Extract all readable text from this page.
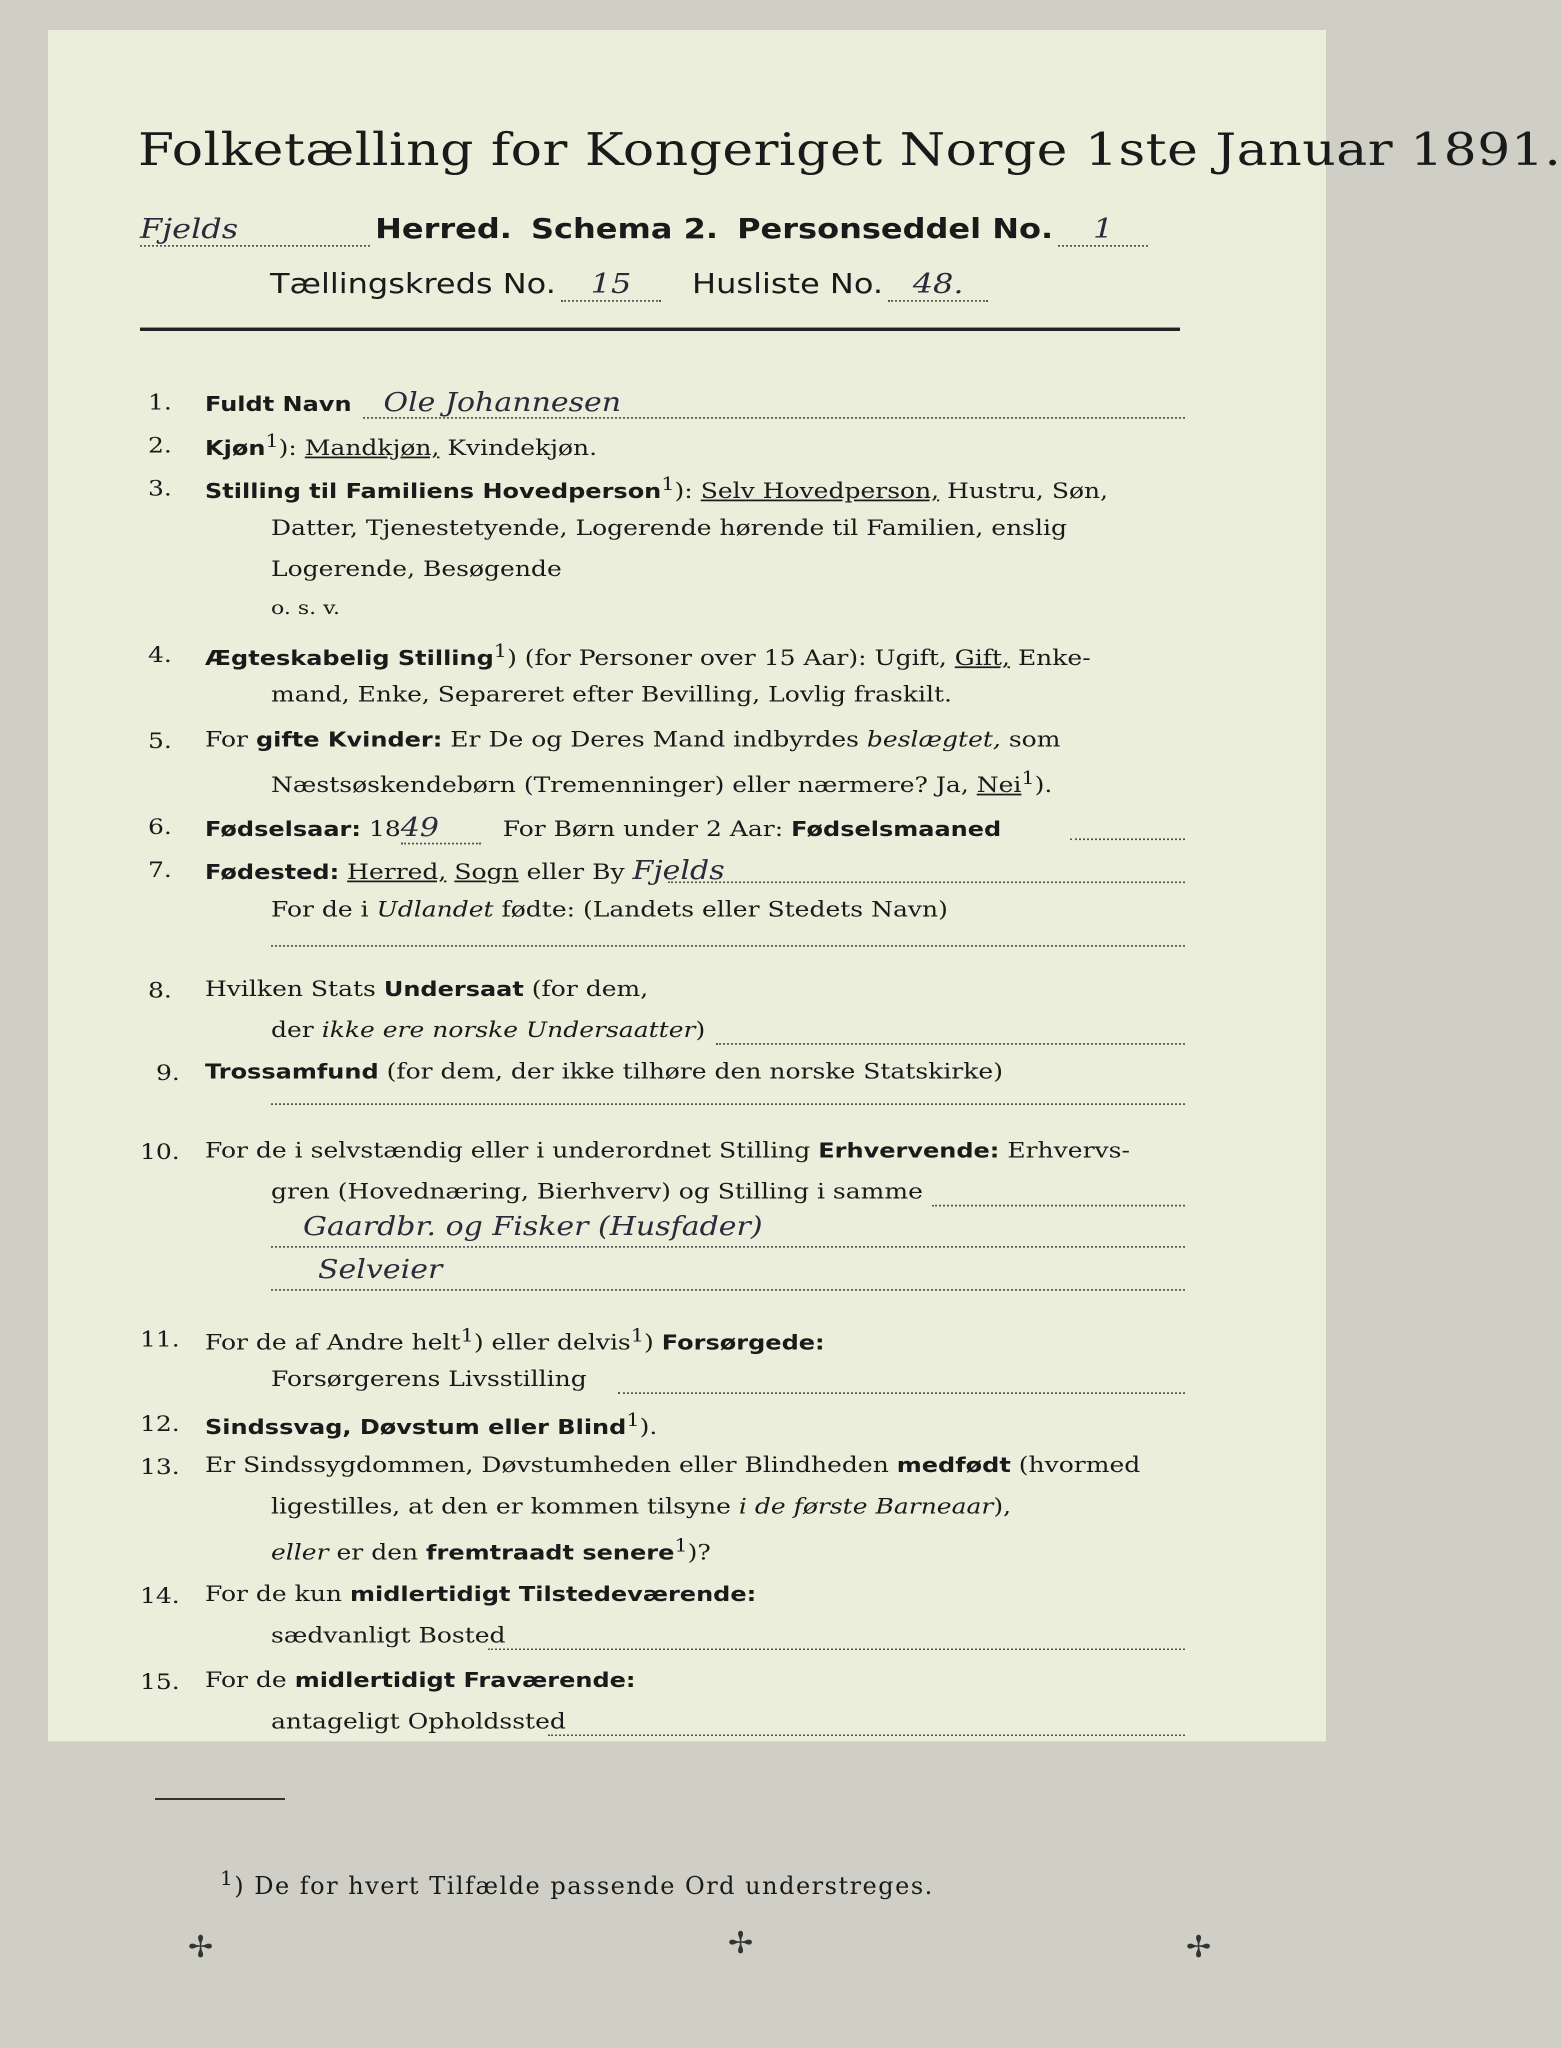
Folketælling for Kongeriget Norge 1ste Januar 1891.
Fjelds	Herred. Schema 2. Personseddel No. 1
Tællingskreds No. 15 Husliste No. 48.
1. Fuldt Navn Ole Johannesen
2. Kjøn$^1$): Mandkjøn, Kvindekjøn.
3. Stilling til Familiens Hovedperson$^1$): Selv Hovedperson, Hustru, Søn,
Datter, Tjenestetyende, Logerende hørende til Familien, enslig
Logerende, Besøgende
o. s. v.
4. Ægteskabelig Stilling$^1$) (for Personer over 15 Aar): Ugift, Gift, Enke-
mand, Enke, Separeret efter Bevilling, Lovlig fraskilt.
5. For gifte Kvinder: Er De og Deres Mand indbyrdes beslægtet, som
Næstsøskendebørn (Tremenninger) eller nærmere? Ja, Nei$^1$).
6. Fødselsaar: 1849	For Børn under 2 Aar: Fødselsmaaned
7. Fødested: Herred, Sogn eller By Fjelds
For de i Udlandet fødte: (Landets eller Stedets Navn)
8. Hvilken Stats Undersaat (for dem,
der ikke ere norske Undersaatter)
9. Trossamfund (for dem, der ikke tilhøre den norske Statskirke)
10. For de i selvstændig eller i underordnet Stilling Erhvervende: Erhvervs-
gren (Hovednæring, Bierhverv) og Stilling i samme
Gaardbr. og Fisker (Husfader)
Selveier
11. For de af Andre helt$^1$) eller delvis$^1$) Forsørgede:
Forsørgerens Livsstilling
12. Sindssvag, Døvstum eller Blind$^1$).
13. Er Sindssygdommen, Døvstumheden eller Blindheden medfødt (hvormed
ligestilles, at den er kommen tilsyne i de første Barneaar),
eller er den fremtraadt senere$^1$)?
14. For de kun midlertidigt Tilstedeværende:
sædvanligt Bosted
15. For de midlertidigt Fraværende:
antageligt Opholdssted
$^1$) De for hvert Tilfælde passende Ord understreges.
✢	✢	✢
